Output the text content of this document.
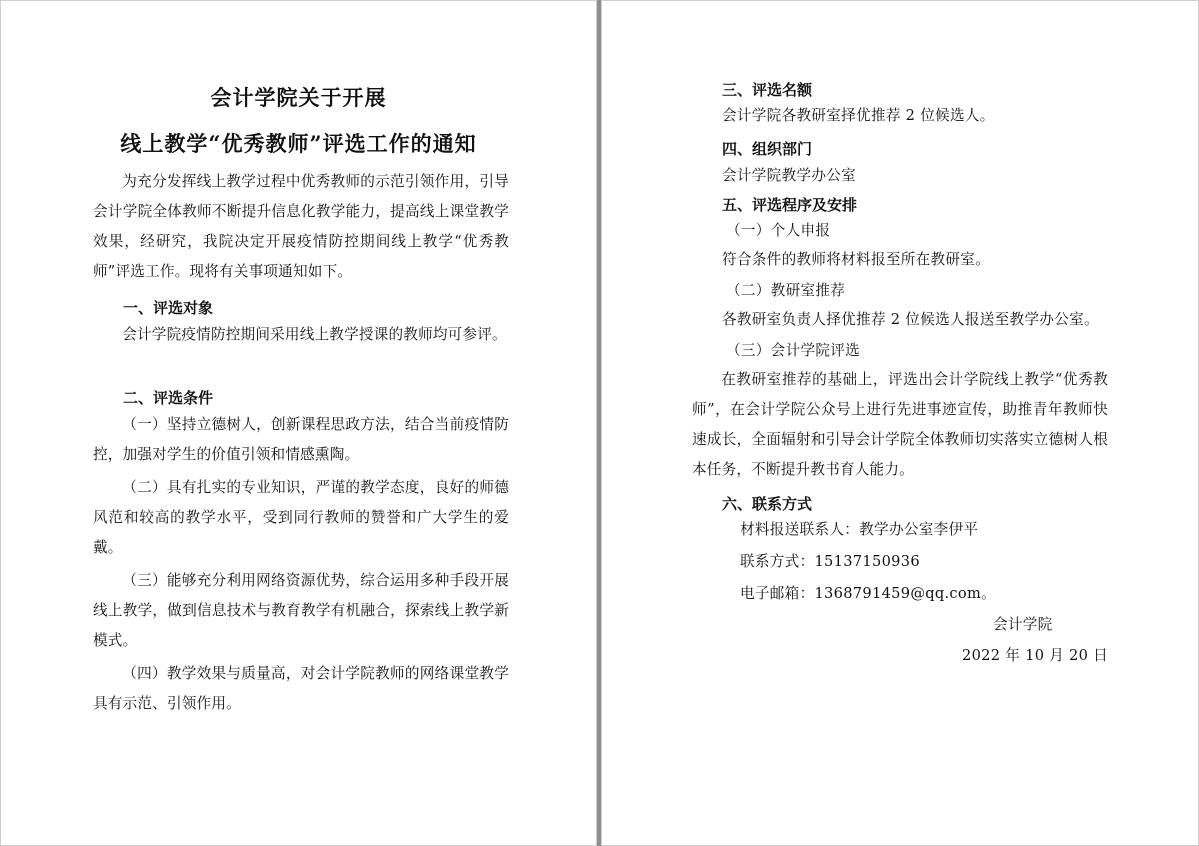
会计学院关于开展
线上教学“优秀教师”评选工作的通知
为充分发挥线上教学过程中优秀教师的示范引领作用，引导会计学院全体教师不断提升信息化教学能力，提高线上课堂教学效果，经研究，我院决定开展疫情防控期间线上教学“优秀教师”评选工作。现将有关事项通知如下。
一、评选对象
会计学院疫情防控期间采用线上教学授课的教师均可参评。
二、评选条件
（一）坚持立德树人，创新课程思政方法，结合当前疫情防控，加强对学生的价值引领和情感熏陶。
（二）具有扎实的专业知识，严谨的教学态度，良好的师德风范和较高的教学水平，受到同行教师的赞誉和广大学生的爱戴。
（三）能够充分利用网络资源优势，综合运用多种手段开展线上教学，做到信息技术与教育教学有机融合，探索线上教学新模式。
（四）教学效果与质量高，对会计学院教师的网络课堂教学具有示范、引领作用。
三、评选名额
会计学院各教研室择优推荐 2 位候选人。
四、组织部门
会计学院教学办公室
五、评选程序及安排
（一）个人申报
符合条件的教师将材料报至所在教研室。
（二）教研室推荐
各教研室负责人择优推荐 2 位候选人报送至教学办公室。
（三）会计学院评选
在教研室推荐的基础上，评选出会计学院线上教学“优秀教师”，在会计学院公众号上进行先进事迹宣传，助推青年教师快速成长，全面辐射和引导会计学院全体教师切实落实立德树人根本任务，不断提升教书育人能力。
六、联系方式
材料报送联系人：教学办公室李伊平
联系方式：15137150936
电子邮箱：1368791459@qq.com。
会计学院
2022 年 10 月 20 日
